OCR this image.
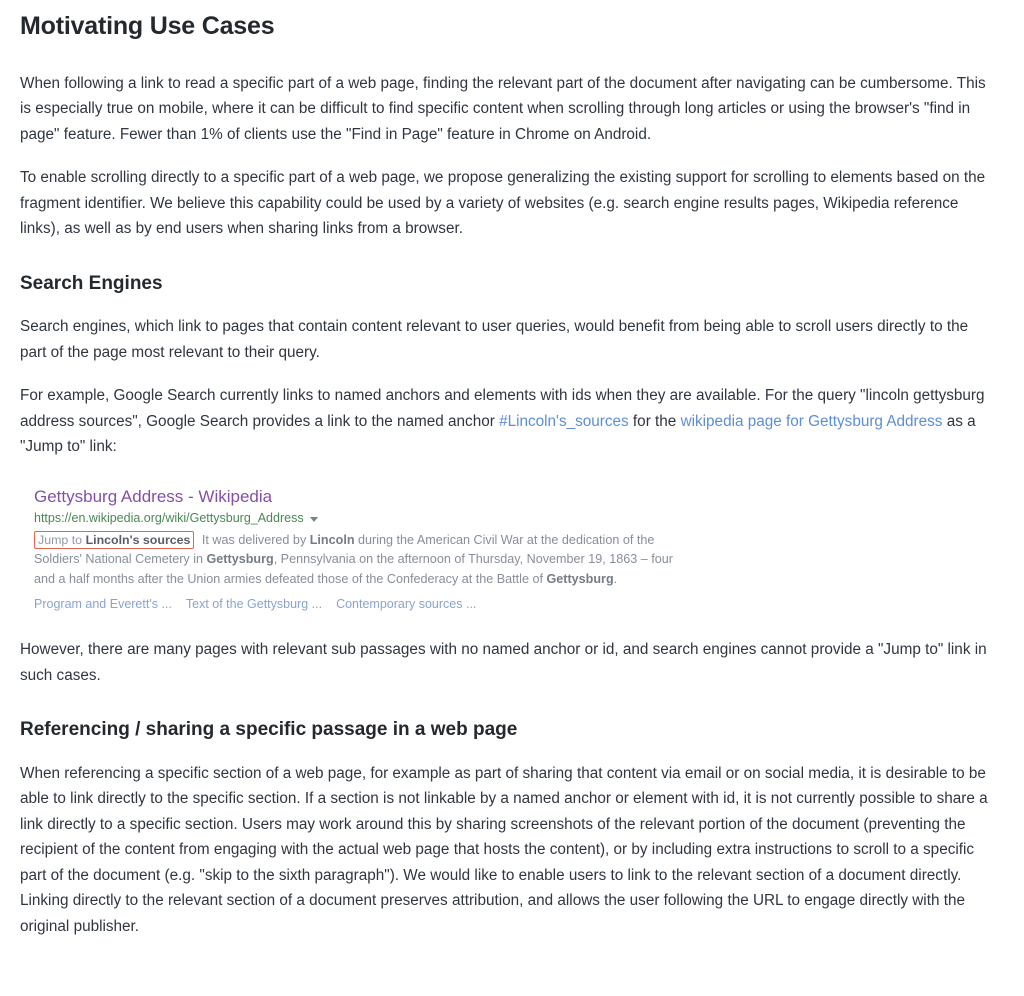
Motivating Use Cases

When following a link to read a specific part of a web page, finding the relevant part of the document after navigating can be cumbersome. This is especially true on mobile, where it can be difficult to find specific content when scrolling through long articles or using the browser's "find in page" feature. Fewer than 1% of clients use the "Find in Page" feature in Chrome on Android.

To enable scrolling directly to a specific part of a web page, we propose generalizing the existing support for scrolling to elements based on the fragment identifier. We believe this capability could be used by a variety of websites (e.g. search engine results pages, Wikipedia reference links), as well as by end users when sharing links from a browser.

Search Engines

Search engines, which link to pages that contain content relevant to user queries, would benefit from being able to scroll users directly to the part of the page most relevant to their query.

For example, Google Search currently links to named anchors and elements with ids when they are available. For the query "lincoln gettysburg address sources", Google Search provides a link to the named anchor #Lincoln's_sources for the wikipedia page for Gettysburg Address as a "Jump to" link:

Gettysburg Address - Wikipedia
https://en.wikipedia.org/wiki/Gettysburg_Address
Jump to Lincoln's sources It was delivered by Lincoln during the American Civil War at the dedication of the Soldiers' National Cemetery in Gettysburg, Pennsylvania on the afternoon of Thursday, November 19, 1863 – four and a half months after the Union armies defeated those of the Confederacy at the Battle of Gettysburg.
Program and Everett's ... Text of the Gettysburg ... Contemporary sources ...

However, there are many pages with relevant sub passages with no named anchor or id, and search engines cannot provide a "Jump to" link in such cases.

Referencing / sharing a specific passage in a web page

When referencing a specific section of a web page, for example as part of sharing that content via email or on social media, it is desirable to be able to link directly to the specific section. If a section is not linkable by a named anchor or element with id, it is not currently possible to share a link directly to a specific section. Users may work around this by sharing screenshots of the relevant portion of the document (preventing the recipient of the content from engaging with the actual web page that hosts the content), or by including extra instructions to scroll to a specific part of the document (e.g. "skip to the sixth paragraph"). We would like to enable users to link to the relevant section of a document directly. Linking directly to the relevant section of a document preserves attribution, and allows the user following the URL to engage directly with the original publisher.
